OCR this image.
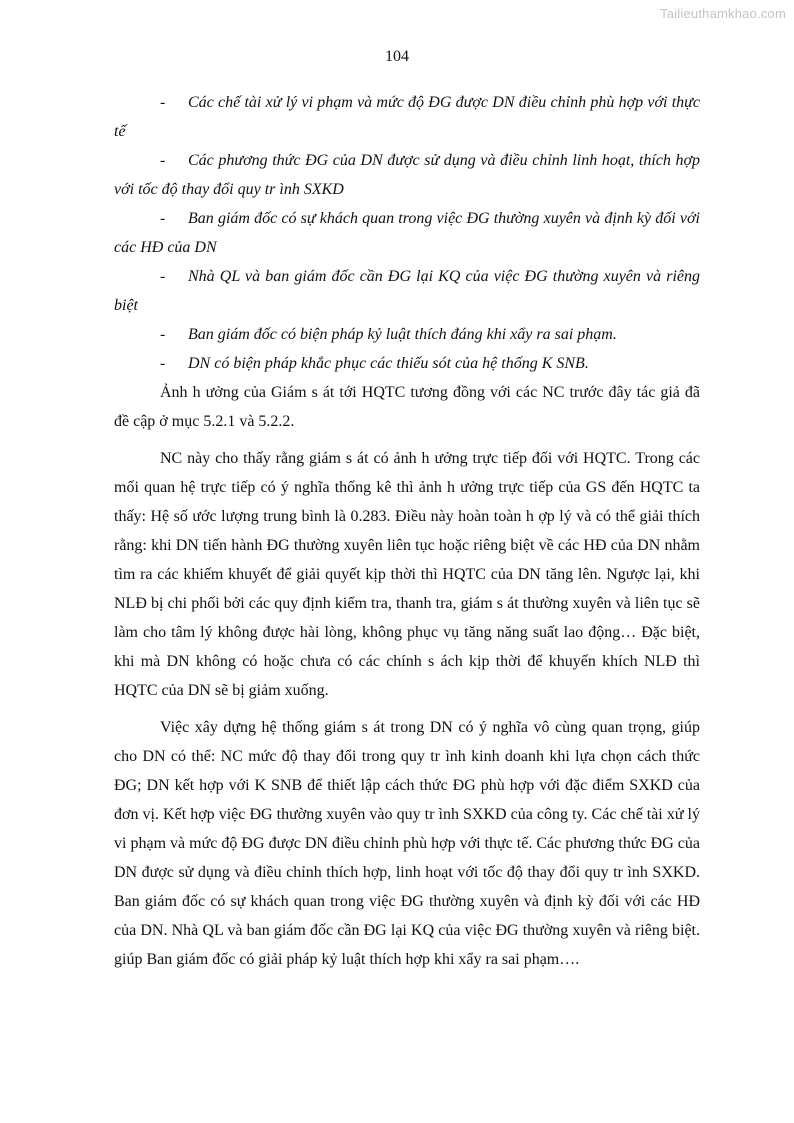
Tailieuthamkhao.com
104

- Các chế tài xử lý vi phạm và mức độ ĐG được DN điều chỉnh phù hợp với thực tế

- Các phương thức ĐG của DN được sử dụng và điều chỉnh linh hoạt, thích hợp với tốc độ thay đổi quy tr ình SXKD

- Ban giám đốc có sự khách quan trong việc ĐG thường xuyên và định kỳ đối với các HĐ của DN

- Nhà QL và ban giám đốc cần ĐG lại KQ của việc ĐG thường xuyên và riêng biệt

- Ban giám đốc có biện pháp kỷ luật thích đáng khi xẩy ra sai phạm.

- DN có biện pháp khắc phục các thiếu sót của hệ thống K SNB.

Ảnh h ưởng của Giám s át tới HQTC tương đồng với các NC trước đây tác giả đã đề cập ở mục 5.2.1 và 5.2.2.

NC này cho thấy rằng giám s át có ảnh h ưởng trực tiếp đối với HQTC. Trong các mối quan hệ trực tiếp có ý nghĩa thống kê thì ảnh h ưởng trực tiếp của GS đến HQTC ta thấy: Hệ số ước lượng trung bình là 0.283. Điều này hoàn toàn h ợp lý và có thể giải thích rằng: khi DN tiến hành ĐG thường xuyên liên tục hoặc riêng biệt về các HĐ của DN nhằm tìm ra các khiếm khuyết để giải quyết kịp thời thì HQTC của DN tăng lên. Ngược lại, khi NLĐ bị chi phối bởi các quy định kiểm tra, thanh tra, giám s át thường xuyên và liên tục sẽ làm cho tâm lý không được hài lòng, không phục vụ tăng năng suất lao động… Đặc biệt, khi mà DN không có hoặc chưa có các chính s ách kịp thời để khuyến khích NLĐ thì HQTC của DN sẽ bị giảm xuống.

Việc xây dựng hệ thống giám s át trong DN có ý nghĩa vô cùng quan trọng, giúp cho DN có thể: NC mức độ thay đổi trong quy tr ình kinh doanh khi lựa chọn cách thức ĐG; DN kết hợp với K SNB để thiết lập cách thức ĐG phù hợp với đặc điểm SXKD của đơn vị. Kết hợp việc ĐG thường xuyên vào quy tr ình SXKD của công ty. Các chế tài xử lý vi phạm và mức độ ĐG được DN điều chỉnh phù hợp với thực tế. Các phương thức ĐG của DN được sử dụng và điều chỉnh thích hợp, linh hoạt với tốc độ thay đổi quy tr ình SXKD. Ban giám đốc có sự khách quan trong việc ĐG thường xuyên và định kỳ đối với các HĐ của DN. Nhà QL và ban giám đốc cần ĐG lại KQ của việc ĐG thường xuyên và riêng biệt. giúp Ban giám đốc có giải pháp kỷ luật thích hợp khi xẩy ra sai phạm….
